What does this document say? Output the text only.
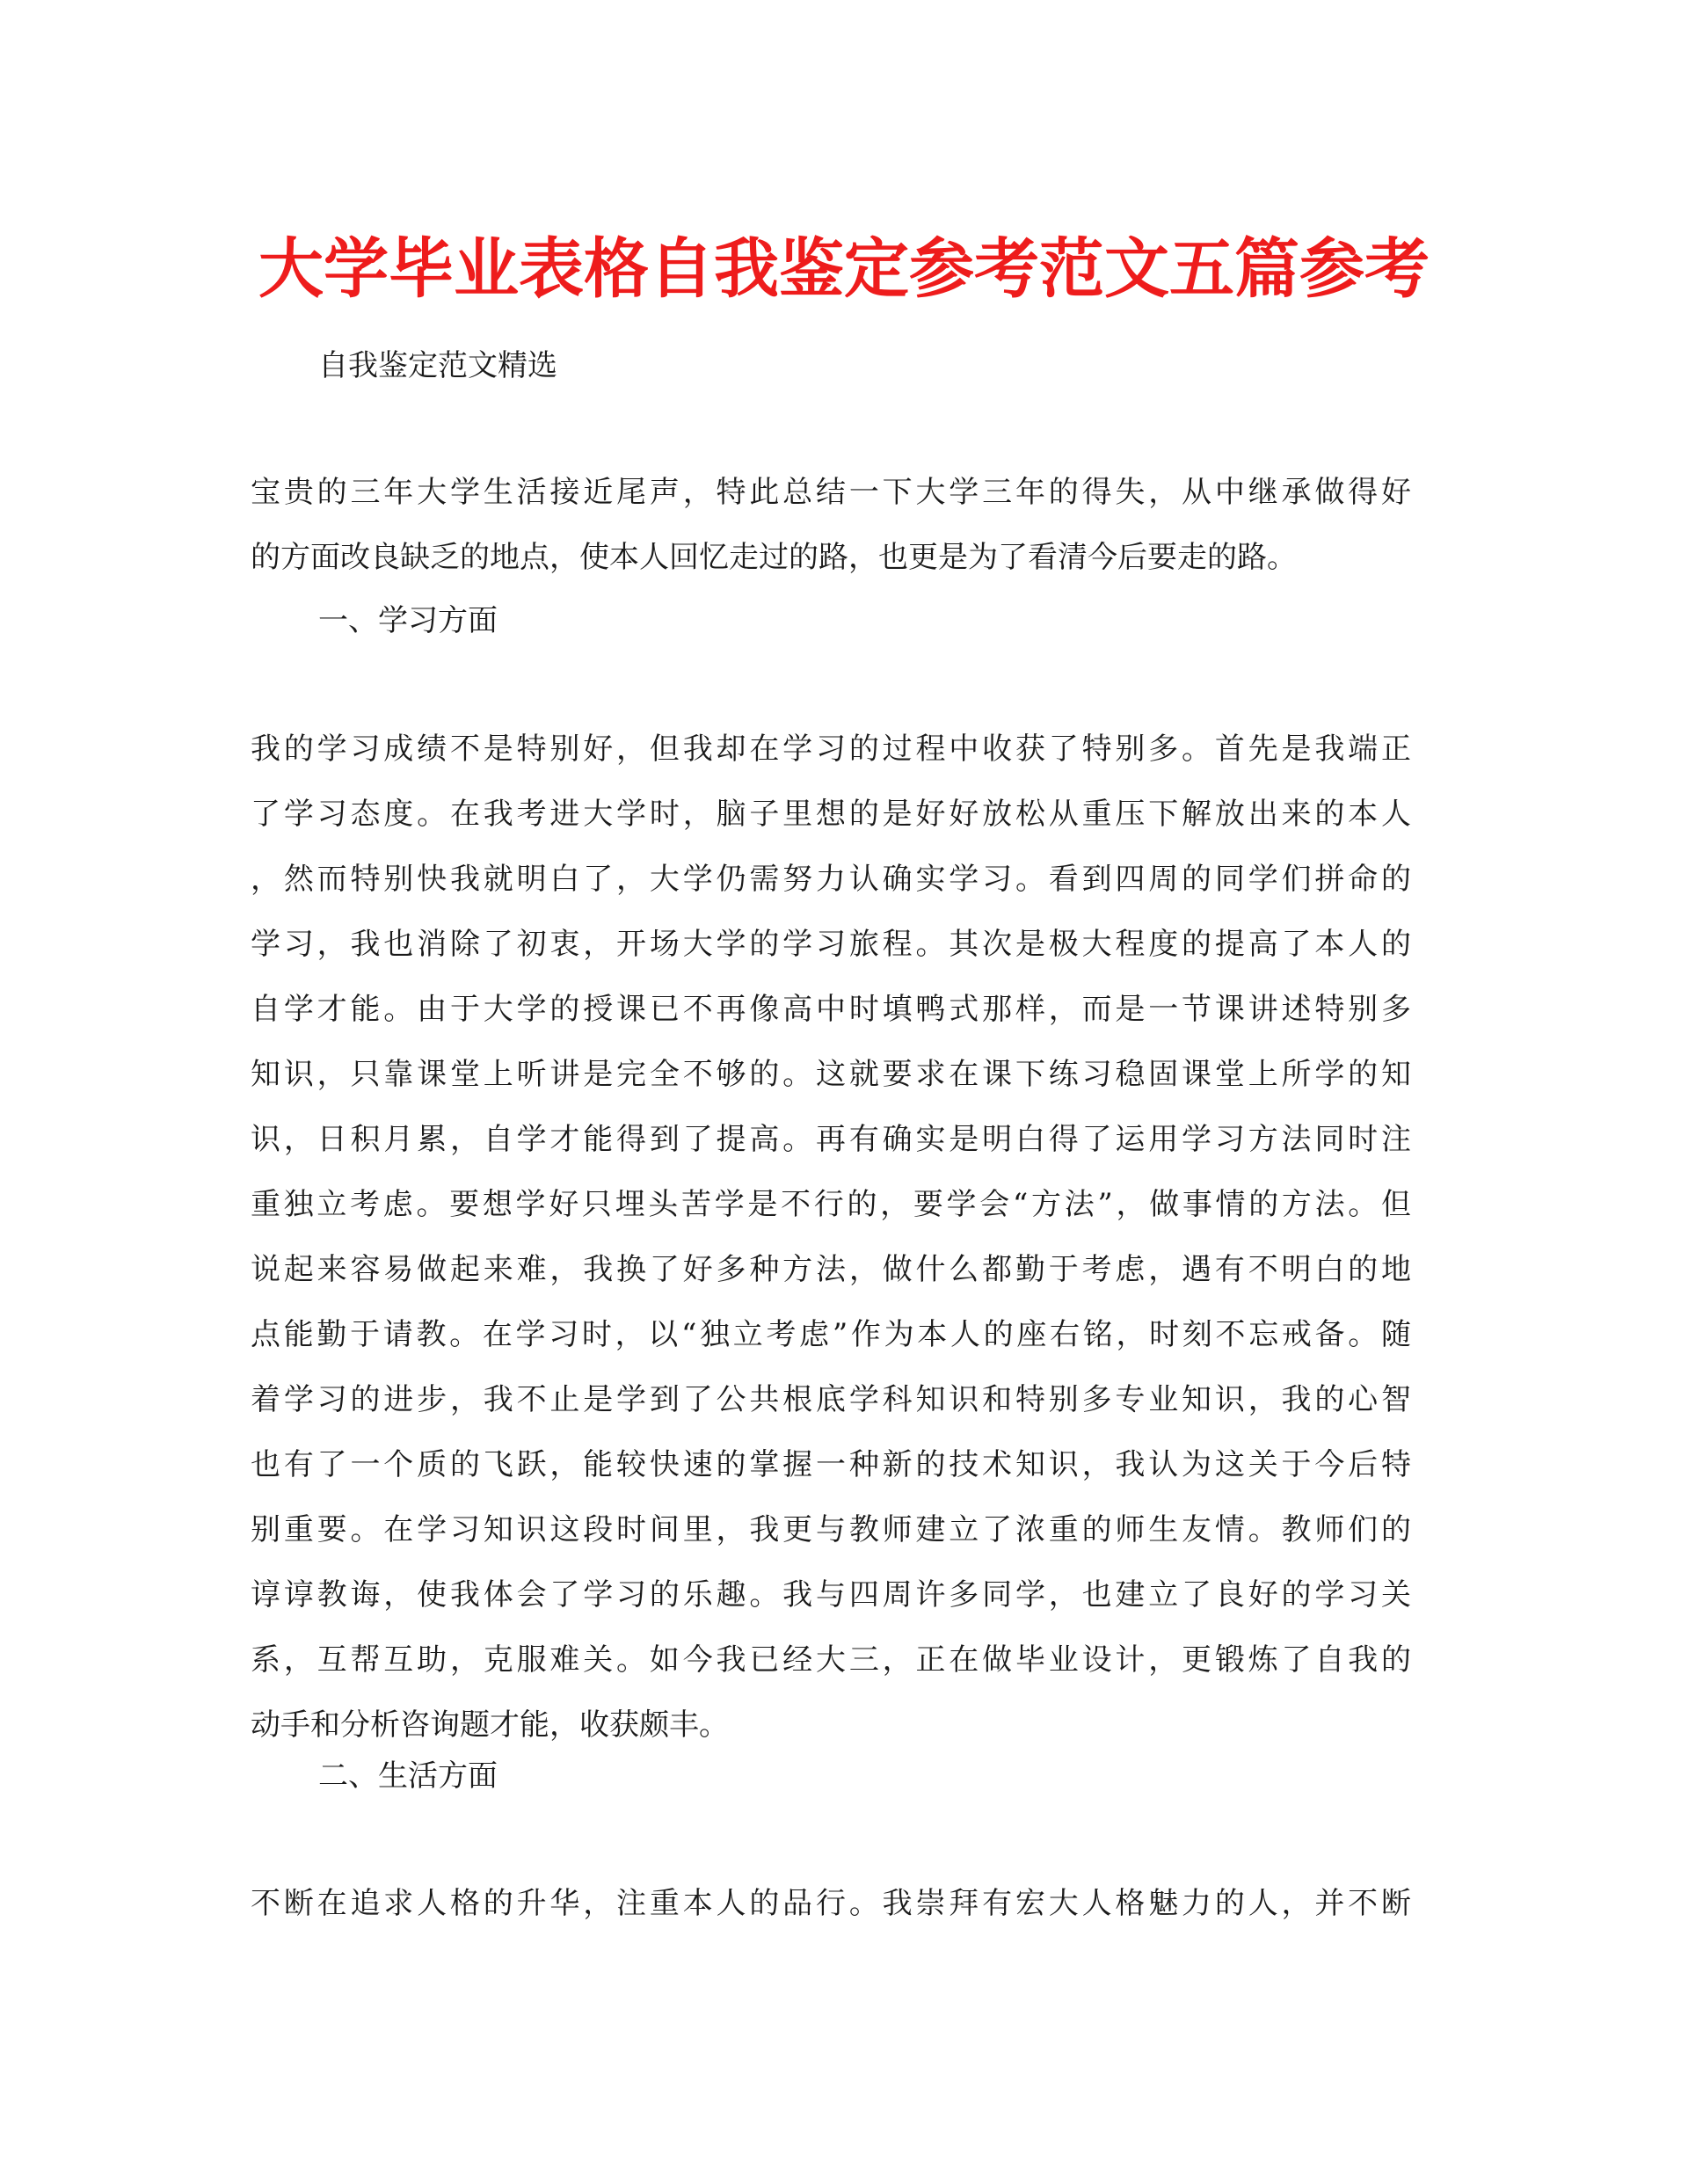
大学毕业表格自我鉴定参考范文五篇参考

自我鉴定范文精选

宝贵的三年大学生活接近尾声，特此总结一下大学三年的得失，从中继承做得好
的方面改良缺乏的地点，使本人回忆走过的路，也更是为了看清今后要走的路。

一、学习方面

我的学习成绩不是特别好，但我却在学习的过程中收获了特别多。首先是我端正
了学习态度。在我考进大学时，脑子里想的是好好放松从重压下解放出来的本人
，然而特别快我就明白了，大学仍需努力认确实学习。看到四周的同学们拼命的
学习，我也消除了初衷，开场大学的学习旅程。其次是极大程度的提高了本人的
自学才能。由于大学的授课已不再像高中时填鸭式那样，而是一节课讲述特别多
知识，只靠课堂上听讲是完全不够的。这就要求在课下练习稳固课堂上所学的知
识，日积月累，自学才能得到了提高。再有确实是明白得了运用学习方法同时注
重独立考虑。要想学好只埋头苦学是不行的，要学会“方法”，做事情的方法。但
说起来容易做起来难，我换了好多种方法，做什么都勤于考虑，遇有不明白的地
点能勤于请教。在学习时，以“独立考虑”作为本人的座右铭，时刻不忘戒备。随
着学习的进步，我不止是学到了公共根底学科知识和特别多专业知识，我的心智
也有了一个质的飞跃，能较快速的掌握一种新的技术知识，我认为这关于今后特
别重要。在学习知识这段时间里，我更与教师建立了浓重的师生友情。教师们的
谆谆教诲，使我体会了学习的乐趣。我与四周许多同学，也建立了良好的学习关
系，互帮互助，克服难关。如今我已经大三，正在做毕业设计，更锻炼了自我的
动手和分析咨询题才能，收获颇丰。

二、生活方面

不断在追求人格的升华，注重本人的品行。我崇拜有宏大人格魅力的人，并不断
